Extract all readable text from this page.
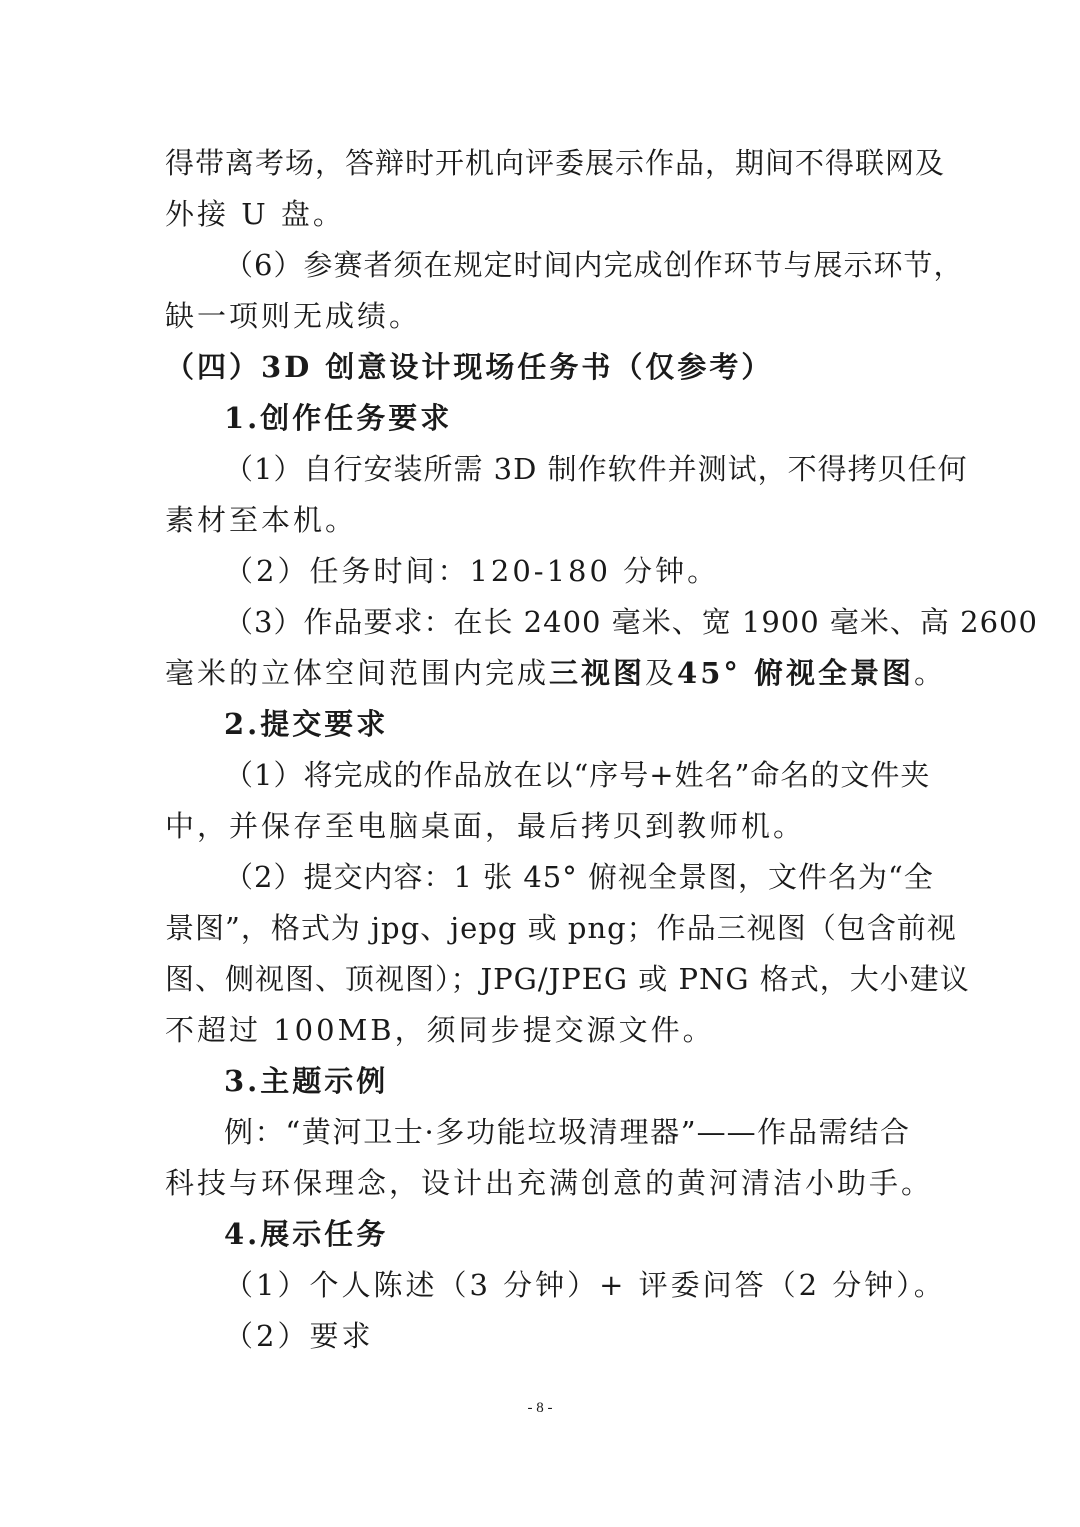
得带离考场，答辩时开机向评委展示作品，期间不得联网及
外接 U 盘。
（6）参赛者须在规定时间内完成创作环节与展示环节，
缺一项则无成绩。
（四）3D 创意设计现场任务书（仅参考）
1.创作任务要求
（1）自行安装所需 3D 制作软件并测试，不得拷贝任何
素材至本机。
（2）任务时间：120-180 分钟。
（3）作品要求：在长 2400 毫米、宽 1900 毫米、高 2600
毫米的立体空间范围内完成三视图及45° 俯视全景图。
2.提交要求
（1）将完成的作品放在以“序号+姓名”命名的文件夹
中，并保存至电脑桌面，最后拷贝到教师机。
（2）提交内容：1 张 45° 俯视全景图，文件名为“全
景图”，格式为 jpg、jepg 或 png；作品三视图（包含前视
图、侧视图、顶视图）；JPG/JPEG 或 PNG 格式，大小建议
不超过 100MB，须同步提交源文件。
3.主题示例
例：“黄河卫士·多功能垃圾清理器”——作品需结合
科技与环保理念，设计出充满创意的黄河清洁小助手。
4.展示任务
（1）个人陈述（3 分钟）+ 评委问答（2 分钟）。
（2）要求
- 8 -
